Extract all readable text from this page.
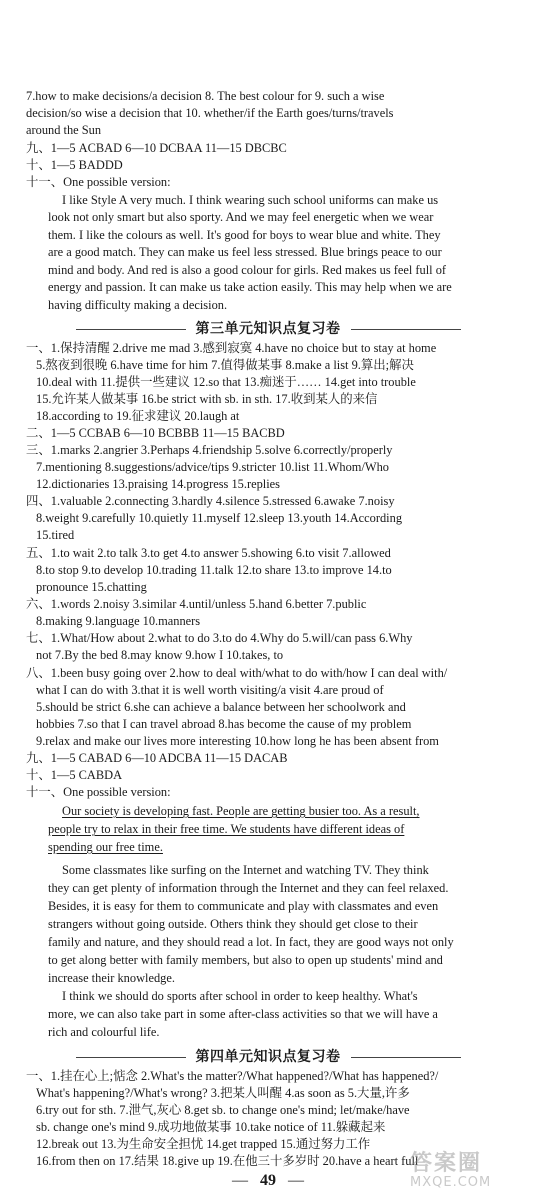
7.how to make decisions/a decision 8. The best colour for 9. such a wise
decision/so wise a decision that 10. whether/if the Earth goes/turns/travels
around the Sun
九、1—5 ACBAD 6—10 DCBAA 11—15 DBCBC
十、1—5 BADDD
十一、One possible version:
I like Style A very much. I think wearing such school uniforms can make us
look not only smart but also sporty. And we may feel energetic when we wear
them. I like the colours as well. It's good for boys to wear blue and white. They
are a good match. They can make us feel less stressed. Blue brings peace to our
mind and body. And red is also a good colour for girls. Red makes us feel full of
energy and passion. It can make us take action easily. This may help when we are
having difficulty making a decision.
第三单元知识点复习卷
一、1.保持清醒 2.drive me mad 3.感到寂寞 4.have no choice but to stay at home
5.熬夜到很晚 6.have time for him 7.值得做某事 8.make a list 9.算出;解决
10.deal with 11.提供一些建议 12.so that 13.痴迷于…… 14.get into trouble
15.允许某人做某事 16.be strict with sb. in sth. 17.收到某人的来信
18.according to 19.征求建议 20.laugh at
二、1—5 CCBAB 6—10 BCBBB 11—15 BACBD
三、1.marks 2.angrier 3.Perhaps 4.friendship 5.solve 6.correctly/properly
7.mentioning 8.suggestions/advice/tips 9.stricter 10.list 11.Whom/Who
12.dictionaries 13.praising 14.progress 15.replies
四、1.valuable 2.connecting 3.hardly 4.silence 5.stressed 6.awake 7.noisy
8.weight 9.carefully 10.quietly 11.myself 12.sleep 13.youth 14.According
15.tired
五、1.to wait 2.to talk 3.to get 4.to answer 5.showing 6.to visit 7.allowed
8.to stop 9.to develop 10.trading 11.talk 12.to share 13.to improve 14.to
pronounce 15.chatting
六、1.words 2.noisy 3.similar 4.until/unless 5.hand 6.better 7.public
8.making 9.language 10.manners
七、1.What/How about 2.what to do 3.to do 4.Why do 5.will/can pass 6.Why
not 7.By the bed 8.may know 9.how I 10.takes, to
八、1.been busy going over 2.how to deal with/what to do with/how I can deal with/
what I can do with 3.that it is well worth visiting/a visit 4.are proud of
5.should be strict 6.she can achieve a balance between her schoolwork and
hobbies 7.so that I can travel abroad 8.has become the cause of my problem
9.relax and make our lives more interesting 10.how long he has been absent from
九、1—5 CABAD 6—10 ADCBA 11—15 DACAB
十、1—5 CABDA
十一、One possible version:
Our society is developing fast. People are getting busier too. As a result,
people try to relax in their free time. We students have different ideas of
spending our free time.
Some classmates like surfing on the Internet and watching TV. They think
they can get plenty of information through the Internet and they can feel relaxed.
Besides, it is easy for them to communicate and play with classmates and even
strangers without going outside. Others think they should get close to their
family and nature, and they should read a lot. In fact, they are good ways not only
to get along better with family members, but also to open up students' mind and
increase their knowledge.
I think we should do sports after school in order to keep healthy. What's
more, we can also take part in some after-class activities so that we will have a
rich and colourful life.
第四单元知识点复习卷
一、1.挂在心上;惦念 2.What's the matter?/What happened?/What has happened?/
What's happening?/What's wrong? 3.把某人叫醒 4.as soon as 5.大量,许多
6.try out for sth. 7.泄气,灰心 8.get sb. to change one's mind; let/make/have
sb. change one's mind 9.成功地做某事 10.take notice of 11.躲藏起来
12.break out 13.为生命安全担忧 14.get trapped 15.通过努力工作
16.from then on 17.结果 18.give up 19.在他三十多岁时 20.have a heart full
— 49 —
答案圈
MXQE.COM
